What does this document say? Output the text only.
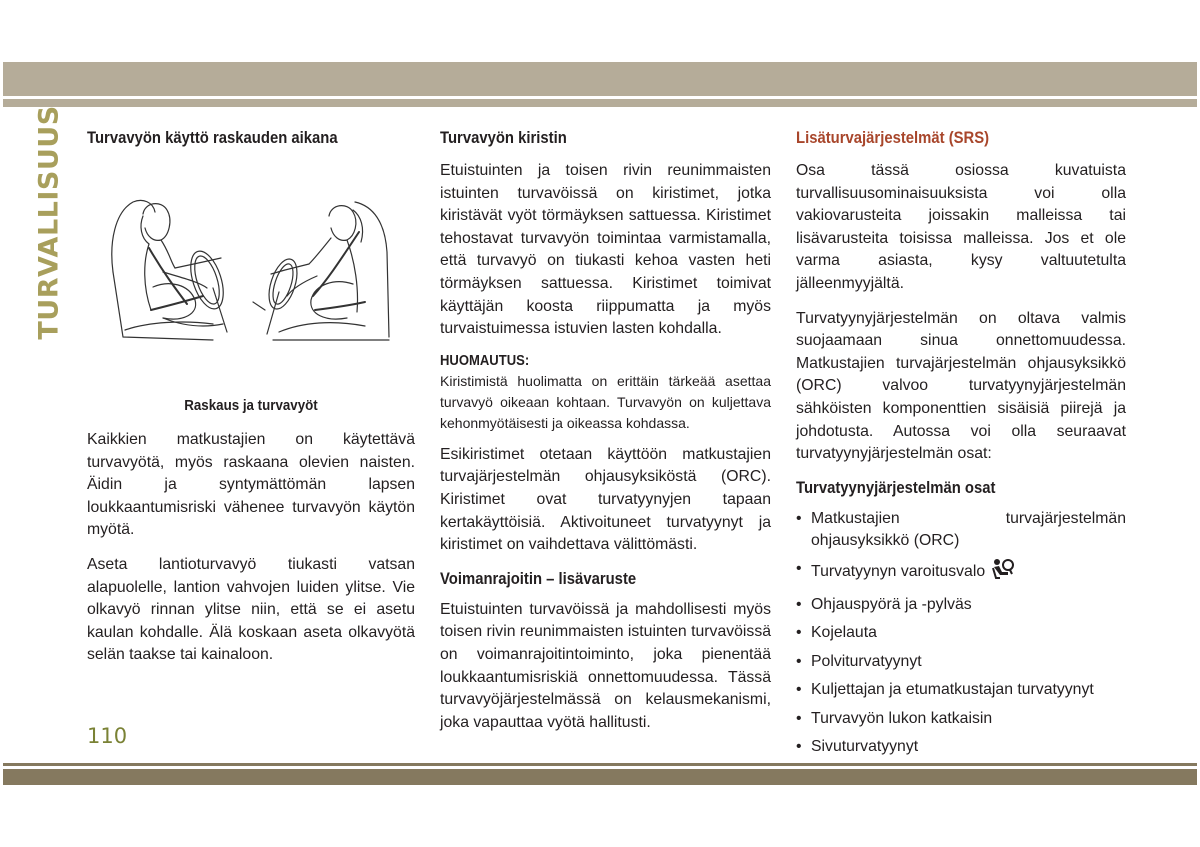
TURVALLISUUS Turvavyön käyttö raskauden aikana
Raskaus ja turvavyöt

Kaikkien matkustajien on käytettävä turvavyötä, myös raskaana olevien naisten. Äidin ja syntymättömän lapsen loukkaantumisriski vähenee turvavyön käytön myötä.

Aseta lantioturvavyö tiukasti vatsan alapuolelle, lantion vahvojen luiden ylitse. Vie olkavyö rinnan ylitse niin, että se ei asetu kaulan kohdalle. Älä koskaan aseta olkavyötä selän taakse tai kainaloon.

Turvavyön kiristin

Etuistuinten ja toisen rivin reunimmaisten istuinten turvavöissä on kiristimet, jotka kiristävät vyöt törmäyksen sattuessa. Kiristimet tehostavat turvavyön toimintaa varmistamalla, että turvavyö on tiukasti kehoa vasten heti törmäyksen sattuessa. Kiristimet toimivat käyttäjän koosta riippumatta ja myös turvaistuimessa istuvien lasten kohdalla.

HUOMAUTUS:

Kiristimistä huolimatta on erittäin tärkeää asettaa turvavyö oikeaan kohtaan. Turvavyön on kuljettava kehonmyötäisesti ja oikeassa kohdassa.

Esikiristimet otetaan käyttöön matkustajien turvajärjestelmän ohjausyksiköstä (ORC). Kiristimet ovat turvatyynyjen tapaan kertakäyttöisiä. Aktivoituneet turvatyynyt ja kiristimet on vaihdettava välittömästi.

Voimanrajoitin – lisävaruste

Etuistuinten turvavöissä ja mahdollisesti myös toisen rivin reunimmaisten istuinten turvavöissä on voimanrajoitintoiminto, joka pienentää loukkaantumisriskiä onnettomuudessa. Tässä turvavyöjärjestelmässä on kelausmekanismi, joka vapauttaa vyötä hallitusti.

Lisäturvajärjestelmät (SRS)

Osa tässä osiossa kuvatuista turvallisuusominaisuuksista voi olla vakiovarusteita joissakin malleissa tai lisävarusteita toisissa malleissa. Jos et ole varma asiasta, kysy valtuutetulta jälleenmyyjältä.

Turvatyynyjärjestelmän on oltava valmis suojaamaan sinua onnettomuudessa. Matkustajien turvajärjestelmän ohjausyksikkö (ORC) valvoo turvatyynyjärjestelmän sähköisten komponenttien sisäisiä piirejä ja johdotusta. Autossa voi olla seuraavat turvatyynyjärjestelmän osat:

Turvatyynyjärjestelmän osat
• Matkustajien turvajärjestelmän ohjausyksikkö (ORC)
• Turvatyynyn varoitusvalo
• Ohjauspyörä ja -pylväs
• Kojelauta
• Polviturvatyynyt
• Kuljettajan ja etumatkustajan turvatyynyt
• Turvavyön lukon katkaisin
• Sivuturvatyynyt
110
